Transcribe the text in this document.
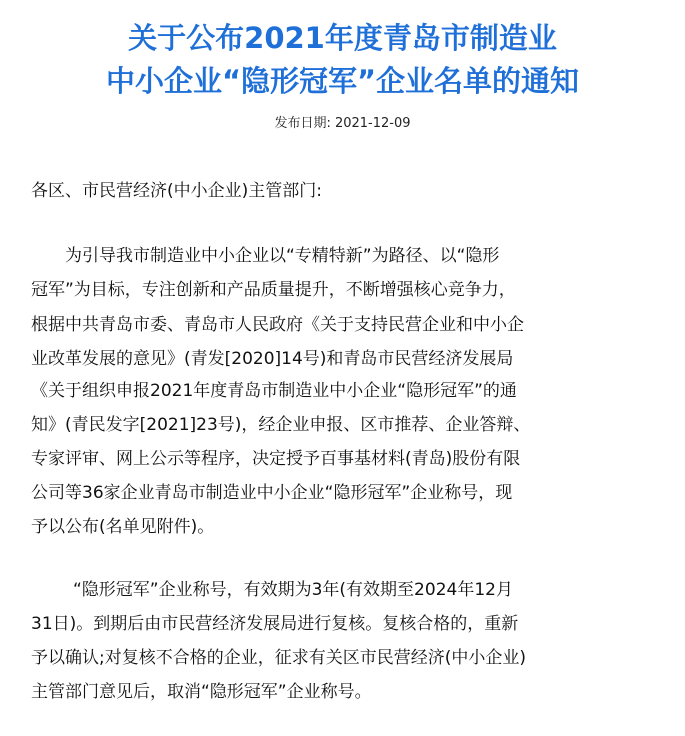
关于公布2021年度青岛市制造业
中小企业“隐形冠军”企业名单的通知
发布日期: 2021-12-09
各区、市民营经济(中小企业)主管部门:
为引导我市制造业中小企业以“专精特新”为路径、以“隐形
冠军”为目标，专注创新和产品质量提升，不断增强核心竞争力，
根据中共青岛市委、青岛市人民政府《关于支持民营企业和中小企
业改革发展的意见》(青发[2020]14号)和青岛市民营经济发展局
《关于组织申报2021年度青岛市制造业中小企业“隐形冠军”的通
知》(青民发字[2021]23号)，经企业申报、区市推荐、企业答辩、
专家评审、网上公示等程序，决定授予百事基材料(青岛)股份有限
公司等36家企业青岛市制造业中小企业“隐形冠军”企业称号，现
予以公布(名单见附件)。
“隐形冠军”企业称号，有效期为3年(有效期至2024年12月
31日)。到期后由市民营经济发展局进行复核。复核合格的，重新
予以确认;对复核不合格的企业，征求有关区市民营经济(中小企业)
主管部门意见后，取消“隐形冠军”企业称号。
